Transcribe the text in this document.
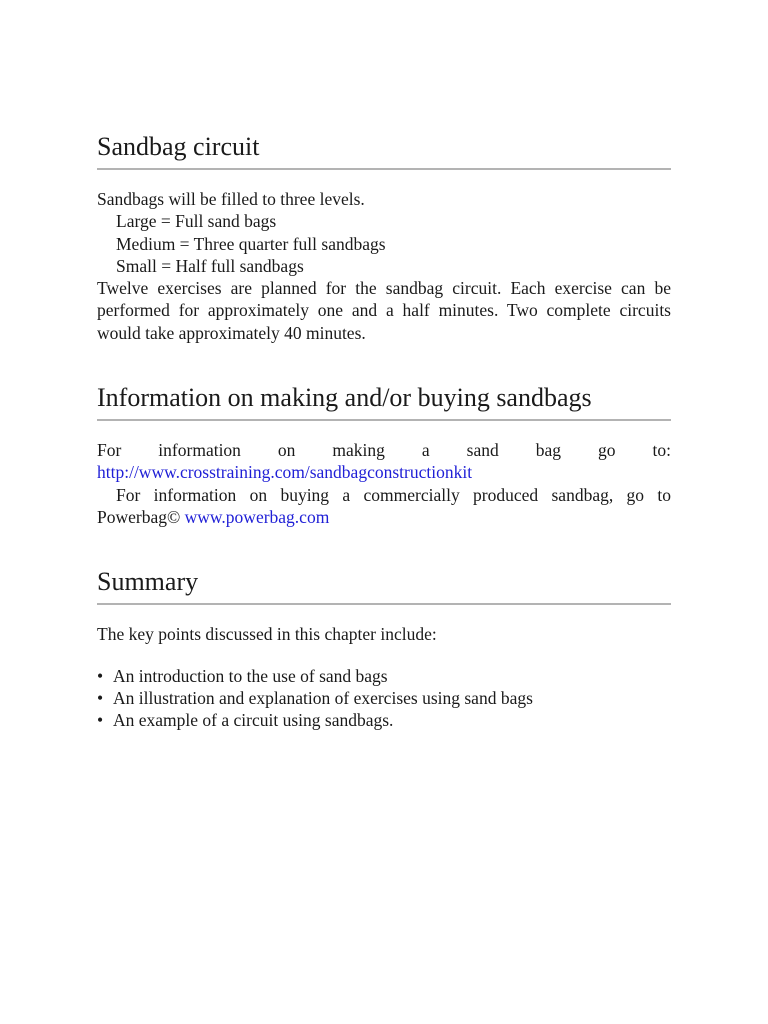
Sandbag circuit

Sandbags will be filled to three levels.

Large = Full sand bags

Medium = Three quarter full sandbags

Small = Half full sandbags

Twelve exercises are planned for the sandbag circuit. Each exercise can be performed for approximately one and a half minutes. Two complete circuits would take approximately 40 minutes.

Information on making and/or buying sandbags

For information on making a sand bag go to:

http://www.crosstraining.com/sandbagconstructionkit

For information on buying a commercially produced sandbag, go to Powerbag© www.powerbag.com

Summary

The key points discussed in this chapter include:

• An introduction to the use of sand bags
• An illustration and explanation of exercises using sand bags
• An example of a circuit using sandbags.
